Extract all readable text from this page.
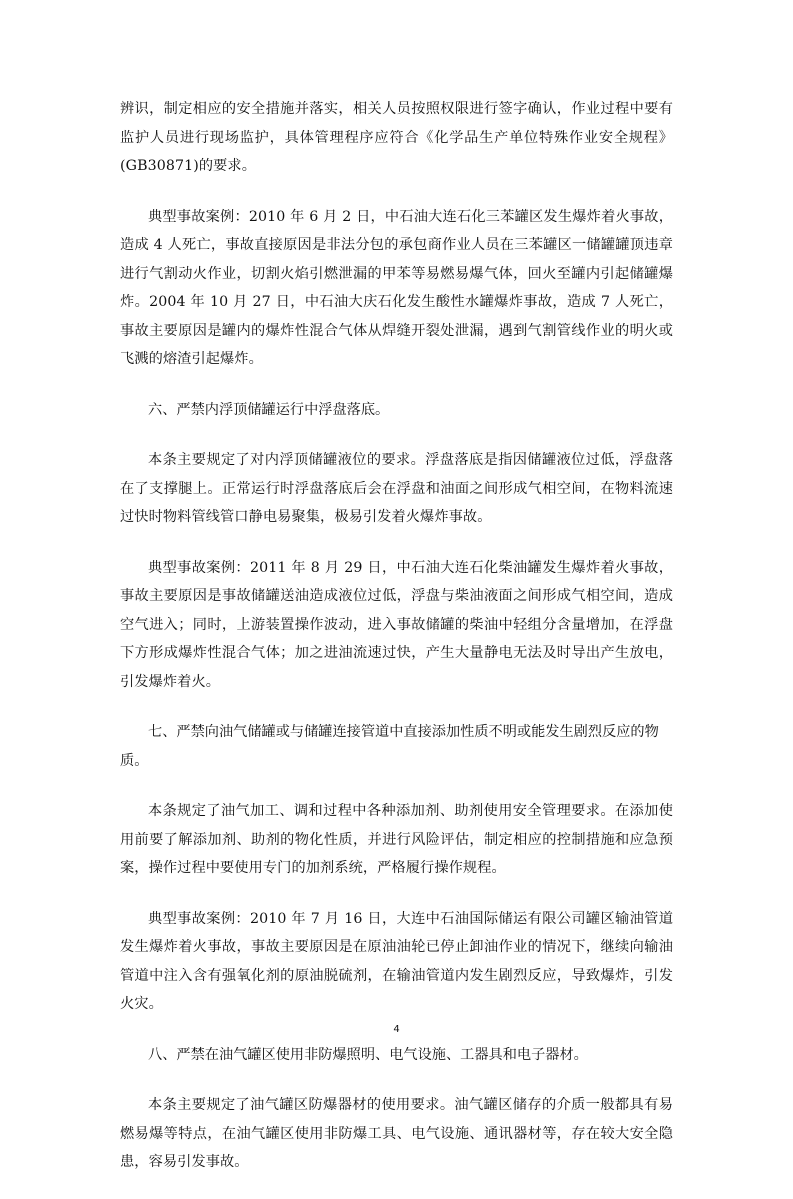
辨识，制定相应的安全措施并落实，相关人员按照权限进行签字确认，作业过程中要有监护人员进行现场监护，具体管理程序应符合《化学品生产单位特殊作业安全规程》(GB30871)的要求。

典型事故案例：2010 年 6 月 2 日，中石油大连石化三苯罐区发生爆炸着火事故，造成 4 人死亡，事故直接原因是非法分包的承包商作业人员在三苯罐区一储罐罐顶违章进行气割动火作业，切割火焰引燃泄漏的甲苯等易燃易爆气体，回火至罐内引起储罐爆炸。2004 年 10 月 27 日，中石油大庆石化发生酸性水罐爆炸事故，造成 7 人死亡，事故主要原因是罐内的爆炸性混合气体从焊缝开裂处泄漏，遇到气割管线作业的明火或飞溅的熔渣引起爆炸。

六、严禁内浮顶储罐运行中浮盘落底。

本条主要规定了对内浮顶储罐液位的要求。浮盘落底是指因储罐液位过低，浮盘落在了支撑腿上。正常运行时浮盘落底后会在浮盘和油面之间形成气相空间，在物料流速过快时物料管线管口静电易聚集，极易引发着火爆炸事故。

典型事故案例：2011 年 8 月 29 日，中石油大连石化柴油罐发生爆炸着火事故，事故主要原因是事故储罐送油造成液位过低，浮盘与柴油液面之间形成气相空间，造成空气进入；同时，上游装置操作波动，进入事故储罐的柴油中轻组分含量增加，在浮盘下方形成爆炸性混合气体；加之进油流速过快，产生大量静电无法及时导出产生放电，引发爆炸着火。

七、严禁向油气储罐或与储罐连接管道中直接添加性质不明或能发生剧烈反应的物质。

本条规定了油气加工、调和过程中各种添加剂、助剂使用安全管理要求。在添加使用前要了解添加剂、助剂的物化性质，并进行风险评估，制定相应的控制措施和应急预案，操作过程中要使用专门的加剂系统，严格履行操作规程。

典型事故案例：2010 年 7 月 16 日，大连中石油国际储运有限公司罐区输油管道发生爆炸着火事故，事故主要原因是在原油油轮已停止卸油作业的情况下，继续向输油管道中注入含有强氧化剂的原油脱硫剂，在输油管道内发生剧烈反应，导致爆炸，引发火灾。

八、严禁在油气罐区使用非防爆照明、电气设施、工器具和电子器材。

本条主要规定了油气罐区防爆器材的使用要求。油气罐区储存的介质一般都具有易燃易爆等特点，在油气罐区使用非防爆工具、电气设施、通讯器材等，存在较大安全隐患，容易引发事故。

4
